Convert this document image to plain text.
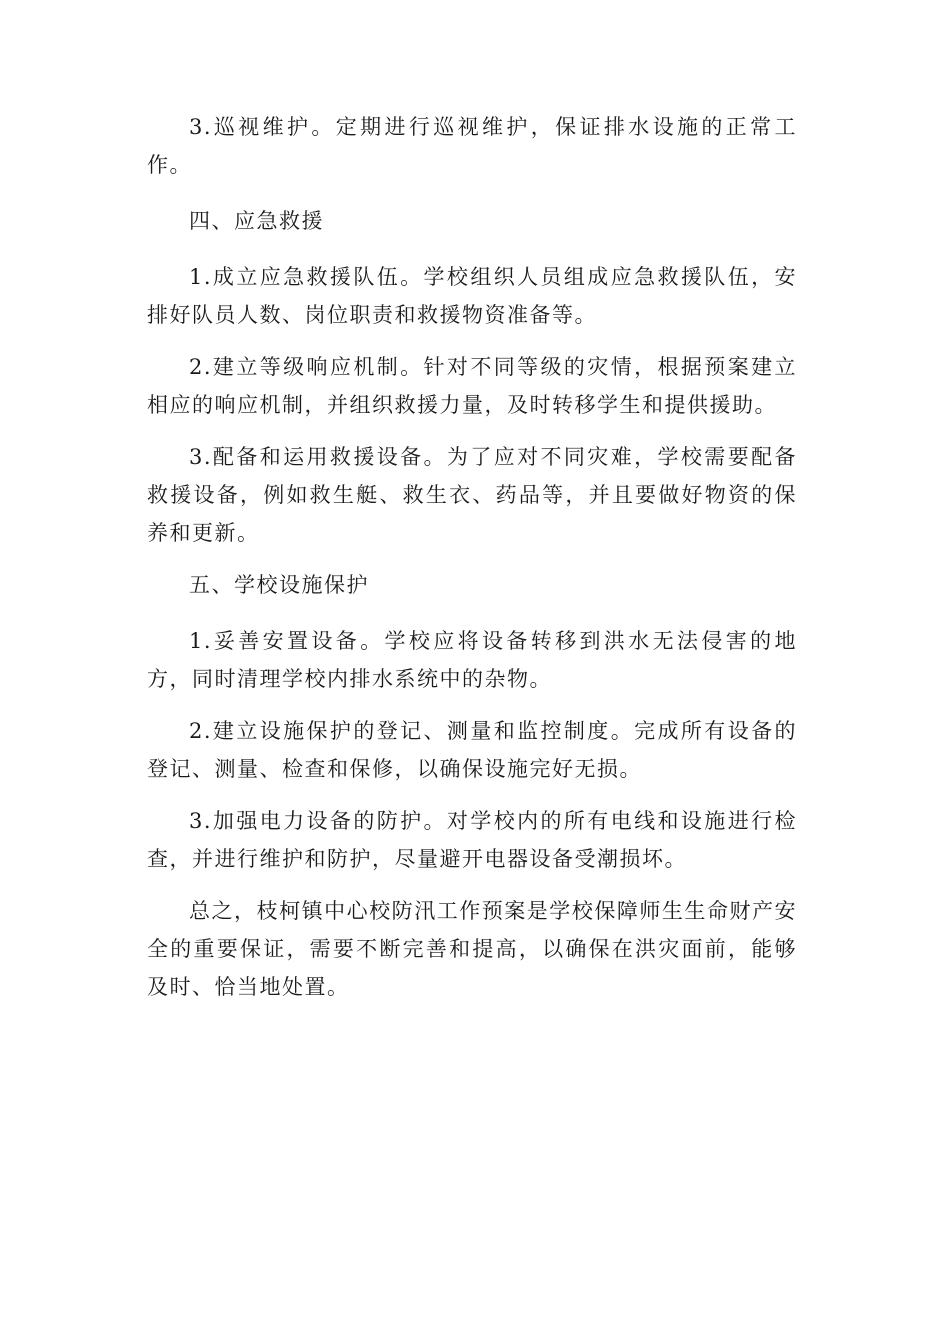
3.巡视维护。定期进行巡视维护，保证排水设施的正常工作。

四、应急救援

1.成立应急救援队伍。学校组织人员组成应急救援队伍，安排好队员人数、岗位职责和救援物资准备等。

2.建立等级响应机制。针对不同等级的灾情，根据预案建立相应的响应机制，并组织救援力量，及时转移学生和提供援助。

3.配备和运用救援设备。为了应对不同灾难，学校需要配备救援设备，例如救生艇、救生衣、药品等，并且要做好物资的保养和更新。

五、学校设施保护

1.妥善安置设备。学校应将设备转移到洪水无法侵害的地方，同时清理学校内排水系统中的杂物。

2.建立设施保护的登记、测量和监控制度。完成所有设备的登记、测量、检查和保修，以确保设施完好无损。

3.加强电力设备的防护。对学校内的所有电线和设施进行检查，并进行维护和防护，尽量避开电器设备受潮损坏。

总之，枝柯镇中心校防汛工作预案是学校保障师生生命财产安全的重要保证，需要不断完善和提高，以确保在洪灾面前，能够及时、恰当地处置。
